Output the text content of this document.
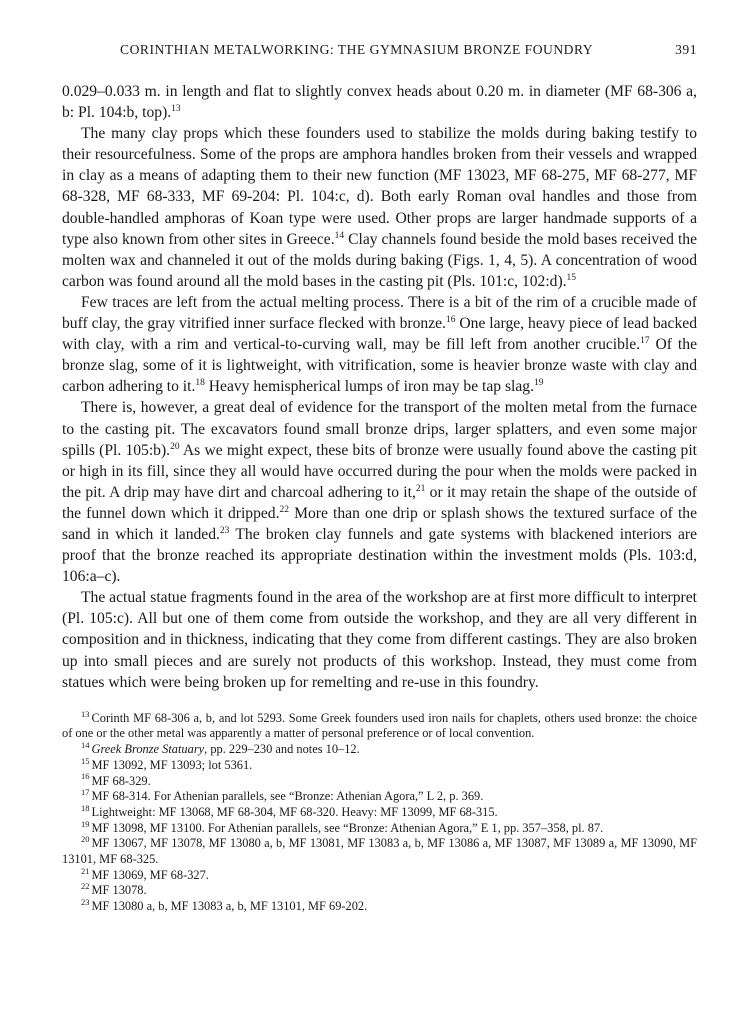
CORINTHIAN METALWORKING: THE GYMNASIUM BRONZE FOUNDRY	391

0.029–0.033 m. in length and flat to slightly convex heads about 0.20 m. in diameter (MF 68-306 a, b: Pl. 104:b, top).$^{13}$

The many clay props which these founders used to stabilize the molds during baking testify to their resourcefulness. Some of the props are amphora handles broken from their vessels and wrapped in clay as a means of adapting them to their new function (MF 13023, MF 68-275, MF 68-277, MF 68-328, MF 68-333, MF 69-204: Pl. 104:c, d). Both early Roman oval handles and those from double-handled amphoras of Koan type were used. Other props are larger handmade supports of a type also known from other sites in Greece.$^{14}$ Clay channels found beside the mold bases received the molten wax and channeled it out of the molds during baking (Figs. 1, 4, 5). A concentration of wood carbon was found around all the mold bases in the casting pit (Pls. 101:c, 102:d).$^{15}$

Few traces are left from the actual melting process. There is a bit of the rim of a crucible made of buff clay, the gray vitrified inner surface flecked with bronze.$^{16}$ One large, heavy piece of lead backed with clay, with a rim and vertical-to-curving wall, may be fill left from another crucible.$^{17}$ Of the bronze slag, some of it is lightweight, with vitrification, some is heavier bronze waste with clay and carbon adhering to it.$^{18}$ Heavy hemispherical lumps of iron may be tap slag.$^{19}$

There is, however, a great deal of evidence for the transport of the molten metal from the furnace to the casting pit. The excavators found small bronze drips, larger splatters, and even some major spills (Pl. 105:b).$^{20}$ As we might expect, these bits of bronze were usually found above the casting pit or high in its fill, since they all would have occurred during the pour when the molds were packed in the pit. A drip may have dirt and charcoal adhering to it,$^{21}$ or it may retain the shape of the outside of the funnel down which it dripped.$^{22}$ More than one drip or splash shows the textured surface of the sand in which it landed.$^{23}$ The broken clay funnels and gate systems with blackened interiors are proof that the bronze reached its appropriate destination within the investment molds (Pls. 103:d, 106:a–c).

The actual statue fragments found in the area of the workshop are at first more difficult to interpret (Pl. 105:c). All but one of them come from outside the workshop, and they are all very different in composition and in thickness, indicating that they come from different castings. They are also broken up into small pieces and are surely not products of this workshop. Instead, they must come from statues which were being broken up for remelting and re-use in this foundry.

$^{13}$ Corinth MF 68-306 a, b, and lot 5293. Some Greek founders used iron nails for chaplets, others used bronze: the choice of one or the other metal was apparently a matter of personal preference or of local convention.

$^{14}$ Greek Bronze Statuary, pp. 229–230 and notes 10–12.

$^{15}$ MF 13092, MF 13093; lot 5361.

$^{16}$ MF 68-329.

$^{17}$ MF 68-314. For Athenian parallels, see “Bronze: Athenian Agora,” L 2, p. 369.

$^{18}$ Lightweight: MF 13068, MF 68-304, MF 68-320. Heavy: MF 13099, MF 68-315.

$^{19}$ MF 13098, MF 13100. For Athenian parallels, see “Bronze: Athenian Agora,” E 1, pp. 357–358, pl. 87.

$^{20}$ MF 13067, MF 13078, MF 13080 a, b, MF 13081, MF 13083 a, b, MF 13086 a, MF 13087, MF 13089 a, MF 13090, MF 13101, MF 68-325.

$^{21}$ MF 13069, MF 68-327.

$^{22}$ MF 13078.

$^{23}$ MF 13080 a, b, MF 13083 a, b, MF 13101, MF 69-202.
